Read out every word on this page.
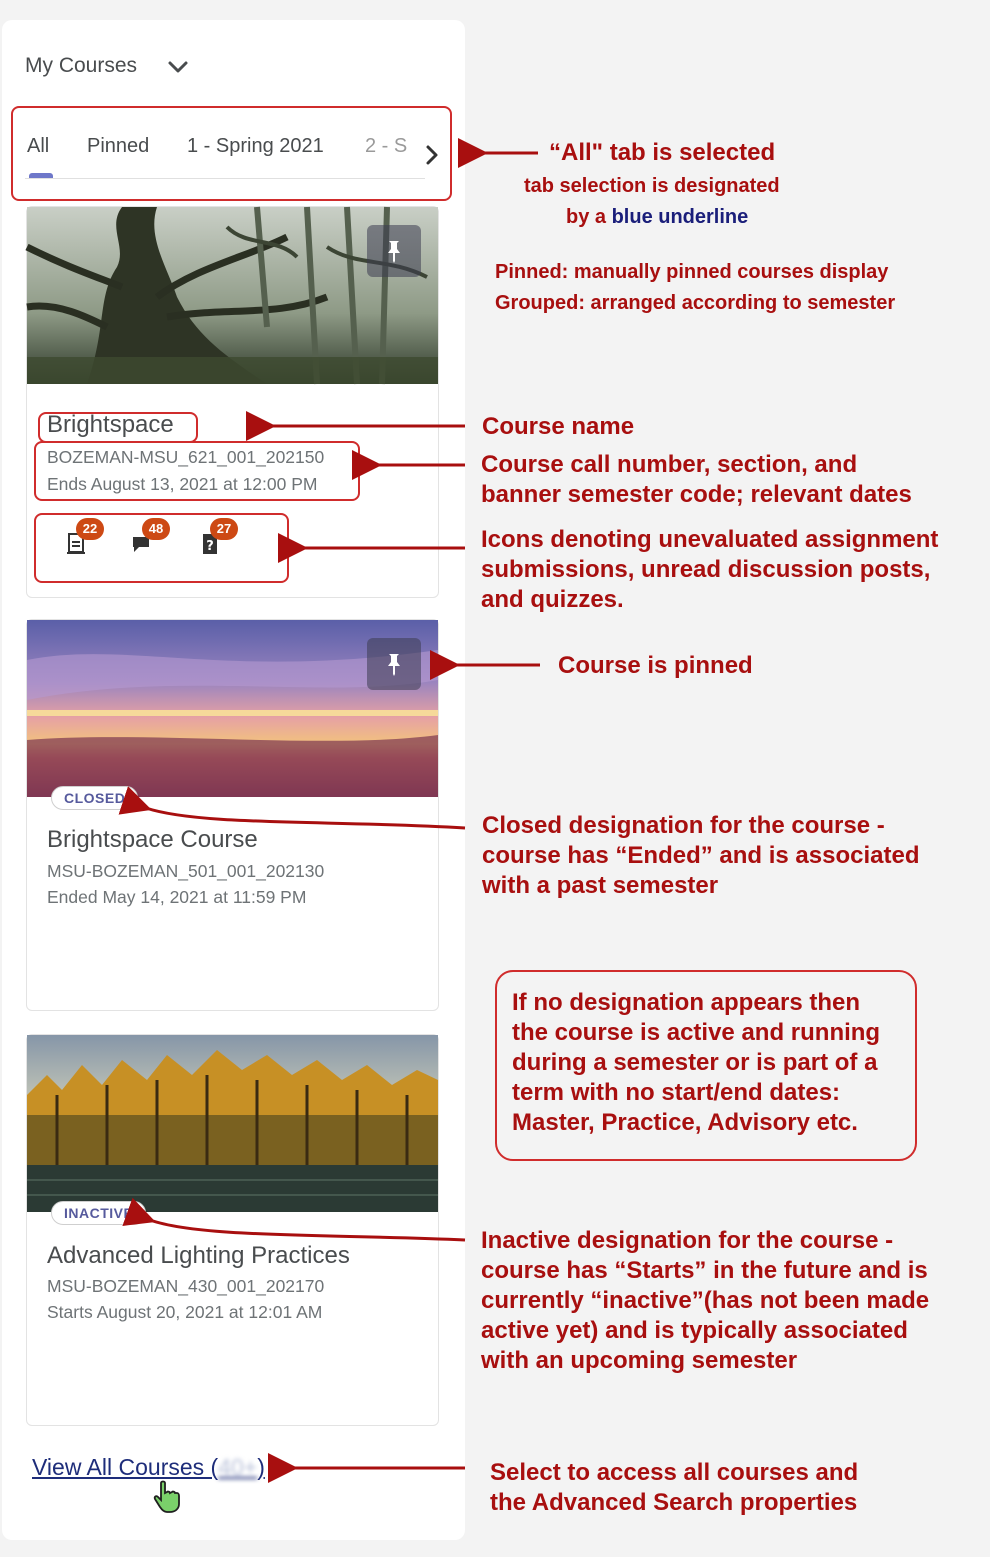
My Courses
All Pinned 1 - Spring 2021 2 - S
Brightspace
BOZEMAN-MSU_621_001_202150
Ends August 13, 2021 at 12:00 PM
22	48
?
27
CLOSED
Brightspace Course
MSU-BOZEMAN_501_001_202130
Ended May 14, 2021 at 11:59 PM
INACTIVE
Advanced Lighting Practices
MSU-BOZEMAN_430_001_202170
Starts August 20, 2021 at 12:01 AM
View All Courses (40+)
“All" tab is selected
tab selection is designated
by a blue underline
Pinned: manually pinned courses display
Grouped: arranged according to semester
Course name
Course call number, section, and
banner semester code; relevant dates
Icons denoting unevaluated assignment
submissions, unread discussion posts,
and quizzes.
Course is pinned
Closed designation for the course -
course has “Ended” and is associated
with a past semester
If no designation appears then
the course is active and running
during a semester or is part of a
term with no start/end dates:
Master, Practice, Advisory etc.
Inactive designation for the course -
course has “Starts” in the future and is
currently “inactive”(has not been made
active yet) and is typically associated
with an upcoming semester
Select to access all courses and
the Advanced Search properties
